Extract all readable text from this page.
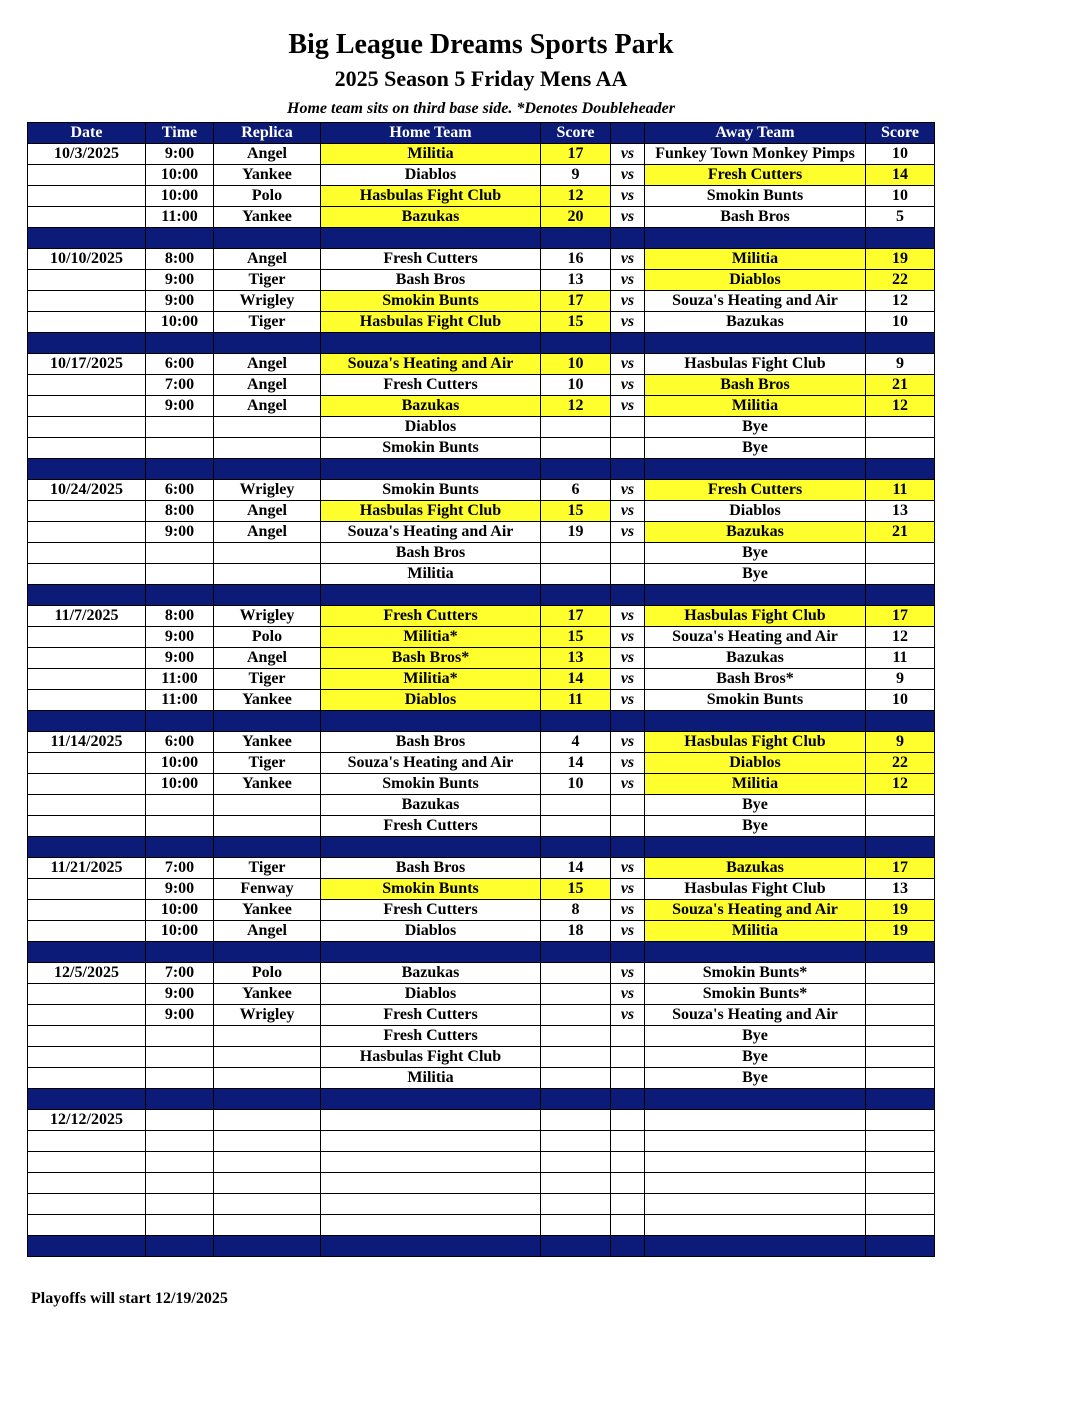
Big League Dreams Sports Park
2025 Season 5 Friday Mens AA
Home team sits on third base side. *Denotes Doubleheader
Date	Time	Replica	Home Team	Score		Away Team	Score
10/3/2025	9:00	Angel	Militia	17	vs	Funkey Town Monkey Pimps	10
	10:00	Yankee	Diablos	9	vs	Fresh Cutters	14
	10:00	Polo	Hasbulas Fight Club	12	vs	Smokin Bunts	10
	11:00	Yankee	Bazukas	20	vs	Bash Bros	5

10/10/2025	8:00	Angel	Fresh Cutters	16	vs	Militia	19
	9:00	Tiger	Bash Bros	13	vs	Diablos	22
	9:00	Wrigley	Smokin Bunts	17	vs	Souza's Heating and Air	12
	10:00	Tiger	Hasbulas Fight Club	15	vs	Bazukas	10

10/17/2025	6:00	Angel	Souza's Heating and Air	10	vs	Hasbulas Fight Club	9
	7:00	Angel	Fresh Cutters	10	vs	Bash Bros	21
	9:00	Angel	Bazukas	12	vs	Militia	12
			Diablos			Bye	
			Smokin Bunts			Bye	

10/24/2025	6:00	Wrigley	Smokin Bunts	6	vs	Fresh Cutters	11
	8:00	Angel	Hasbulas Fight Club	15	vs	Diablos	13
	9:00	Angel	Souza's Heating and Air	19	vs	Bazukas	21
			Bash Bros			Bye	
			Militia			Bye	

11/7/2025	8:00	Wrigley	Fresh Cutters	17	vs	Hasbulas Fight Club	17
	9:00	Polo	Militia*	15	vs	Souza's Heating and Air	12
	9:00	Angel	Bash Bros*	13	vs	Bazukas	11
	11:00	Tiger	Militia*	14	vs	Bash Bros*	9
	11:00	Yankee	Diablos	11	vs	Smokin Bunts	10

11/14/2025	6:00	Yankee	Bash Bros	4	vs	Hasbulas Fight Club	9
	10:00	Tiger	Souza's Heating and Air	14	vs	Diablos	22
	10:00	Yankee	Smokin Bunts	10	vs	Militia	12
			Bazukas			Bye	
			Fresh Cutters			Bye	

11/21/2025	7:00	Tiger	Bash Bros	14	vs	Bazukas	17
	9:00	Fenway	Smokin Bunts	15	vs	Hasbulas Fight Club	13
	10:00	Yankee	Fresh Cutters	8	vs	Souza's Heating and Air	19
	10:00	Angel	Diablos	18	vs	Militia	19

12/5/2025	7:00	Polo	Bazukas		vs	Smokin Bunts*	
	9:00	Yankee	Diablos		vs	Smokin Bunts*	
	9:00	Wrigley	Fresh Cutters		vs	Souza's Heating and Air	
			Fresh Cutters			Bye	
			Hasbulas Fight Club			Bye	
			Militia			Bye	

12/12/2025							

Playoffs will start 12/19/2025
